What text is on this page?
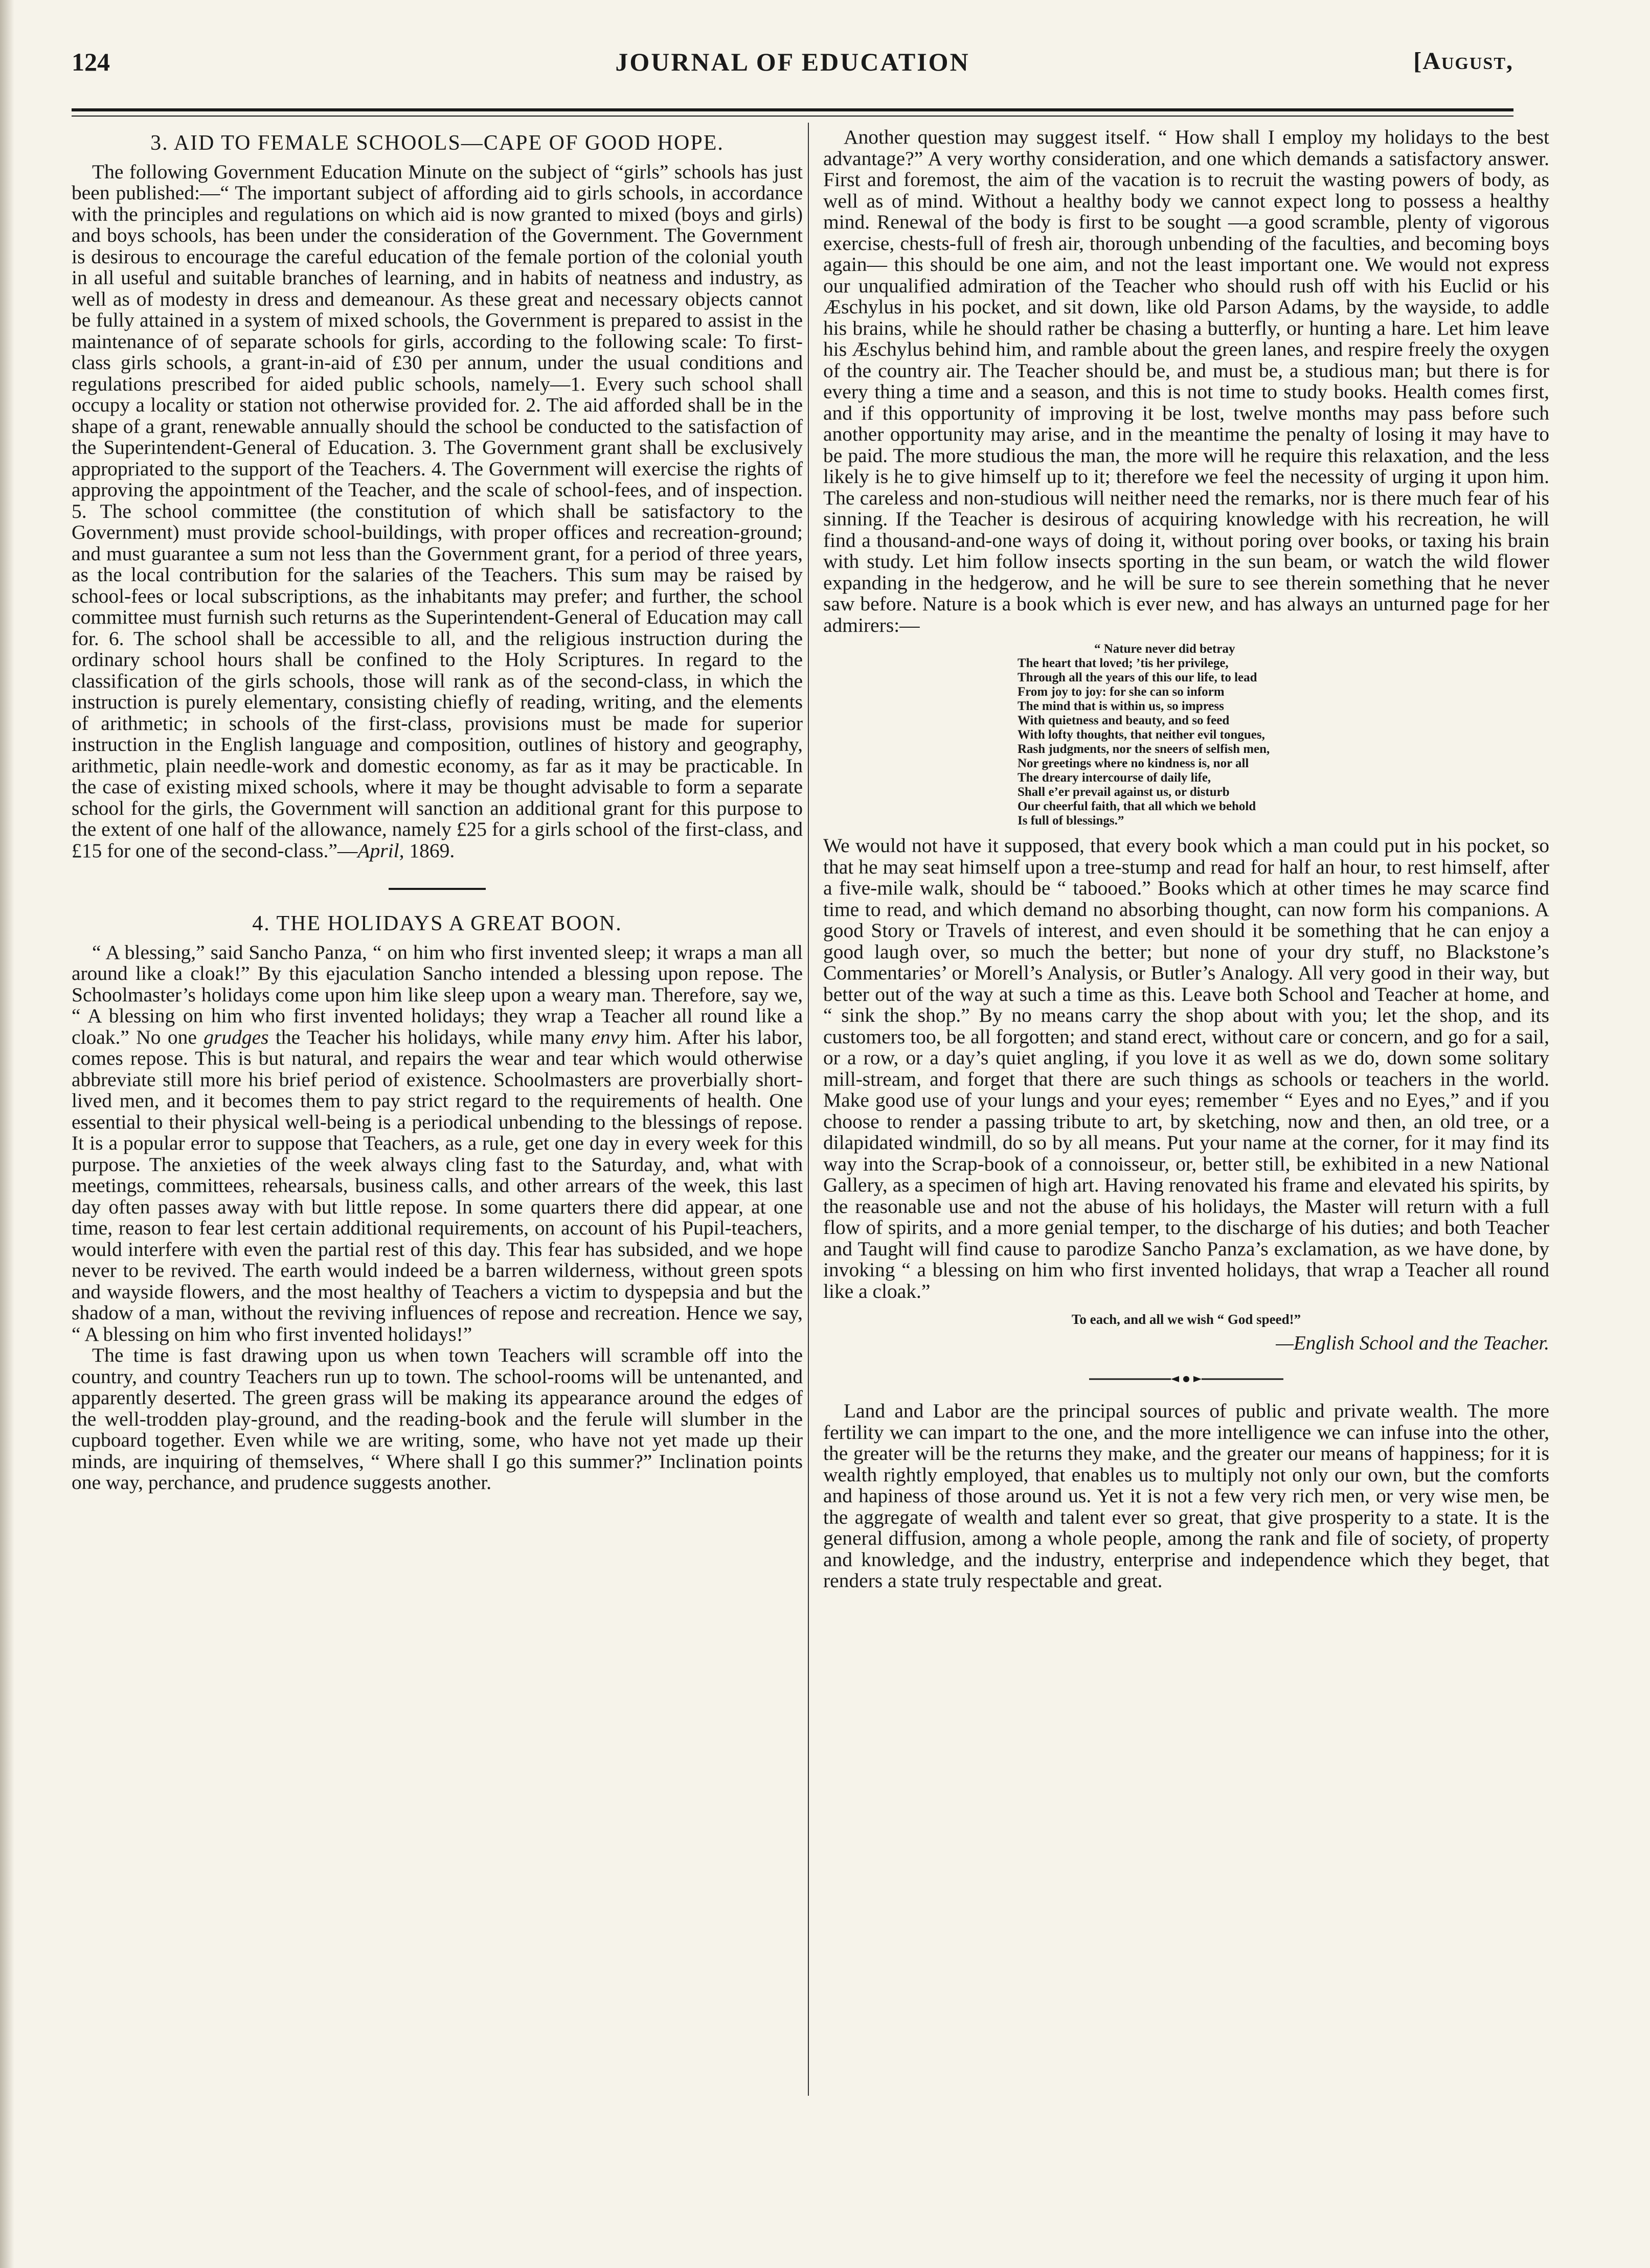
124	JOURNAL OF EDUCATION	[August,
3. AID TO FEMALE SCHOOLS—CAPE OF GOOD HOPE.

The following Government Education Minute on the subject of “girls” schools has just been published:—“ The important subject of affording aid to girls schools, in accordance with the principles and regulations on which aid is now granted to mixed (boys and girls) and boys schools, has been under the consideration of the Government. The Government is desirous to encourage the careful education of the female portion of the colonial youth in all useful and suitable branches of learning, and in habits of neatness and industry, as well as of modesty in dress and demeanour. As these great and necessary objects cannot be fully attained in a system of mixed schools, the Government is prepared to assist in the maintenance of of separate schools for girls, according to the following scale: To first-class girls schools, a grant-in-aid of £30 per annum, under the usual conditions and regulations prescribed for aided public schools, namely—1. Every such school shall occupy a locality or station not otherwise provided for. 2. The aid afforded shall be in the shape of a grant, renewable annually should the school be conducted to the satisfaction of the Superintendent-General of Education. 3. The Government grant shall be exclusively appropriated to the support of the Teachers. 4. The Government will exercise the rights of approving the appointment of the Teacher, and the scale of school-fees, and of inspection. 5. The school committee (the constitution of which shall be satisfactory to the Government) must provide school-buildings, with proper offices and recreation-ground; and must guarantee a sum not less than the Government grant, for a period of three years, as the local contribution for the salaries of the Teachers. This sum may be raised by school-fees or local subscriptions, as the inhabitants may prefer; and further, the school committee must furnish such returns as the Superintendent-General of Education may call for. 6. The school shall be accessible to all, and the religious instruction during the ordinary school hours shall be confined to the Holy Scriptures. In regard to the classification of the girls schools, those will rank as of the second-class, in which the instruction is purely elementary, consisting chiefly of reading, writing, and the elements of arithmetic; in schools of the first-class, provisions must be made for superior instruction in the English language and composition, outlines of history and geography, arithmetic, plain needle-work and domestic economy, as far as it may be practicable. In the case of existing mixed schools, where it may be thought advisable to form a separate school for the girls, the Government will sanction an additional grant for this purpose to the extent of one half of the allowance, namely £25 for a girls school of the first-class, and £15 for one of the second-class.”—April, 1869.

4. THE HOLIDAYS A GREAT BOON.

“ A blessing,” said Sancho Panza, “ on him who first invented sleep; it wraps a man all around like a cloak!” By this ejaculation Sancho intended a blessing upon repose. The Schoolmaster’s holidays come upon him like sleep upon a weary man. Therefore, say we, “ A blessing on him who first invented holidays; they wrap a Teacher all round like a cloak.” No one grudges the Teacher his holidays, while many envy him. After his labor, comes repose. This is but natural, and repairs the wear and tear which would otherwise abbreviate still more his brief period of existence. Schoolmasters are proverbially short-lived men, and it becomes them to pay strict regard to the requirements of health. One essential to their physical well-being is a periodical unbending to the blessings of repose. It is a popular error to suppose that Teachers, as a rule, get one day in every week for this purpose. The anxieties of the week always cling fast to the Saturday, and, what with meetings, committees, rehearsals, business calls, and other arrears of the week, this last day often passes away with but little repose. In some quarters there did appear, at one time, reason to fear lest certain additional requirements, on account of his Pupil-teachers, would interfere with even the partial rest of this day. This fear has subsided, and we hope never to be revived. The earth would indeed be a barren wilderness, without green spots and wayside flowers, and the most healthy of Teachers a victim to dyspepsia and but the shadow of a man, without the reviving influences of repose and recreation. Hence we say, “ A blessing on him who first invented holidays!”

The time is fast drawing upon us when town Teachers will scramble off into the country, and country Teachers run up to town. The school-rooms will be untenanted, and apparently deserted. The green grass will be making its appearance around the edges of the well-trodden play-ground, and the reading-book and the ferule will slumber in the cupboard together. Even while we are writing, some, who have not yet made up their minds, are inquiring of themselves, “ Where shall I go this summer?” Inclination points one way, perchance, and prudence suggests another.

Another question may suggest itself. “ How shall I employ my holidays to the best advantage?” A very worthy consideration, and one which demands a satisfactory answer. First and foremost, the aim of the vacation is to recruit the wasting powers of body, as well as of mind. Without a healthy body we cannot expect long to possess a healthy mind. Renewal of the body is first to be sought —a good scramble, plenty of vigorous exercise, chests-full of fresh air, thorough unbending of the faculties, and becoming boys again— this should be one aim, and not the least important one. We would not express our unqualified admiration of the Teacher who should rush off with his Euclid or his Æschylus in his pocket, and sit down, like old Parson Adams, by the wayside, to addle his brains, while he should rather be chasing a butterfly, or hunting a hare. Let him leave his Æschylus behind him, and ramble about the green lanes, and respire freely the oxygen of the country air. The Teacher should be, and must be, a studious man; but there is for every thing a time and a season, and this is not time to study books. Health comes first, and if this opportunity of improving it be lost, twelve months may pass before such another opportunity may arise, and in the meantime the penalty of losing it may have to be paid. The more studious the man, the more will he require this relaxation, and the less likely is he to give himself up to it; therefore we feel the necessity of urging it upon him. The careless and non-studious will neither need the remarks, nor is there much fear of his sinning. If the Teacher is desirous of acquiring knowledge with his recreation, he will find a thousand-and-one ways of doing it, without poring over books, or taxing his brain with study. Let him follow insects sporting in the sun beam, or watch the wild flower expanding in the hedgerow, and he will be sure to see therein something that he never saw before. Nature is a book which is ever new, and has always an unturned page for her admirers:—

“ Nature never did betray
The heart that loved; ’tis her privilege,
Through all the years of this our life, to lead
From joy to joy: for she can so inform
The mind that is within us, so impress
With quietness and beauty, and so feed
With lofty thoughts, that neither evil tongues,
Rash judgments, nor the sneers of selfish men,
Nor greetings where no kindness is, nor all
The dreary intercourse of daily life,
Shall e’er prevail against us, or disturb
Our cheerful faith, that all which we behold
Is full of blessings.”

We would not have it supposed, that every book which a man could put in his pocket, so that he may seat himself upon a tree-stump and read for half an hour, to rest himself, after a five-mile walk, should be “ tabooed.” Books which at other times he may scarce find time to read, and which demand no absorbing thought, can now form his companions. A good Story or Travels of interest, and even should it be something that he can enjoy a good laugh over, so much the better; but none of your dry stuff, no Blackstone’s Commentaries’ or Morell’s Analysis, or Butler’s Analogy. All very good in their way, but better out of the way at such a time as this. Leave both School and Teacher at home, and “ sink the shop.” By no means carry the shop about with you; let the shop, and its customers too, be all forgotten; and stand erect, without care or concern, and go for a sail, or a row, or a day’s quiet angling, if you love it as well as we do, down some solitary mill-stream, and forget that there are such things as schools or teachers in the world. Make good use of your lungs and your eyes; remember “ Eyes and no Eyes,” and if you choose to render a passing tribute to art, by sketching, now and then, an old tree, or a dilapidated windmill, do so by all means. Put your name at the corner, for it may find its way into the Scrap-book of a connoisseur, or, better still, be exhibited in a new National Gallery, as a specimen of high art. Having renovated his frame and elevated his spirits, by the reasonable use and not the abuse of his holidays, the Master will return with a full flow of spirits, and a more genial temper, to the discharge of his duties; and both Teacher and Taught will find cause to parodize Sancho Panza’s exclamation, as we have done, by invoking “ a blessing on him who first invented holidays, that wrap a Teacher all round like a cloak.”

To each, and all we wish “ God speed!”
—English School and the Teacher.

Land and Labor are the principal sources of public and private wealth. The more fertility we can impart to the one, and the more intelligence we can infuse into the other, the greater will be the returns they make, and the greater our means of happiness; for it is wealth rightly employed, that enables us to multiply not only our own, but the comforts and hapiness of those around us. Yet it is not a few very rich men, or very wise men, be the aggregate of wealth and talent ever so great, that give prosperity to a state. It is the general diffusion, among a whole people, among the rank and file of society, of property and knowledge, and the industry, enterprise and independence which they beget, that renders a state truly respectable and great.
